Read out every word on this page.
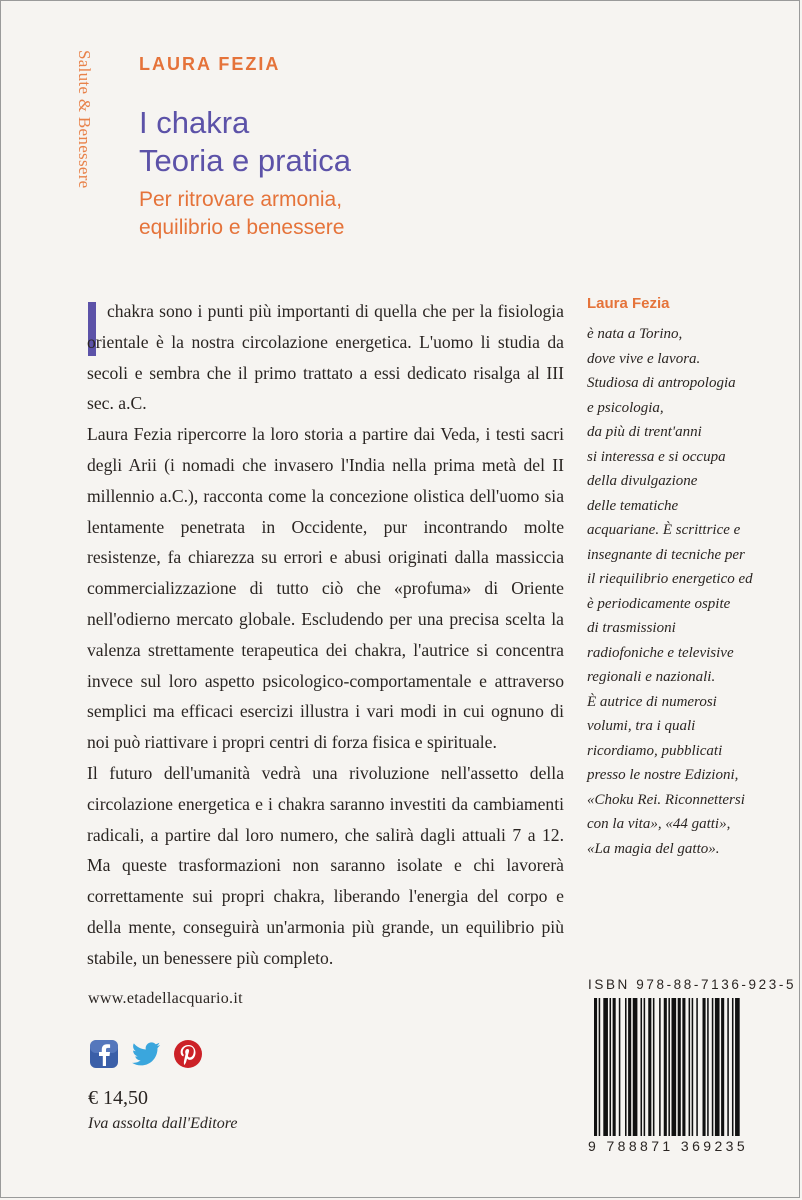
Salute & Benessere	LAURA FEZIA
I chakra
Teoria e pratica
Per ritrovare armonia,
equilibrio e benessere

chakra sono i punti più importanti di quella che per la fisiologia orientale è la nostra circolazione energetica. L'uomo li studia da secoli e sembra che il primo trattato a essi dedicato risalga al III sec. a.C.

Laura Fezia ripercorre la loro storia a partire dai Veda, i testi sacri degli Arii (i nomadi che invasero l'India nella prima metà del II millennio a.C.), racconta come la concezione olistica dell'uomo sia lentamente penetrata in Occidente, pur incontrando molte resistenze, fa chiarezza su errori e abusi originati dalla massiccia commercializzazione di tutto ciò che «profuma» di Oriente nell'odierno mercato globale. Escludendo per una precisa scelta la valenza strettamente terapeutica dei chakra, l'autrice si concentra invece sul loro aspetto psicologico-comportamentale e attraverso semplici ma efficaci esercizi illustra i vari modi in cui ognuno di noi può riattivare i propri centri di forza fisica e spirituale.

Il futuro dell'umanità vedrà una rivoluzione nell'assetto della circolazione energetica e i chakra saranno investiti da cambiamenti radicali, a partire dal loro numero, che salirà dagli attuali 7 a 12. Ma queste trasformazioni non saranno isolate e chi lavorerà correttamente sui propri chakra, liberando l'energia del corpo e della mente, conseguirà un'armonia più grande, un equilibrio più stabile, un benessere più completo.

Laura Fezia
è nata a Torino,
dove vive e lavora.
Studiosa di antropologia
e psicologia,
da più di trent'anni
si interessa e si occupa
della divulgazione
delle tematiche
acquariane. È scrittrice e
insegnante di tecniche per
il riequilibrio energetico ed
è periodicamente ospite
di trasmissioni
radiofoniche e televisive
regionali e nazionali.
È autrice di numerosi
volumi, tra i quali
ricordiamo, pubblicati
presso le nostre Edizioni,
«Choku Rei. Riconnettersi
con la vita», «44 gatti»,
«La magia del gatto».
www.etadellacquario.it
€ 14,50
Iva assolta dall'Editore
ISBN 978-88-7136-923-5
9 788871 369235
